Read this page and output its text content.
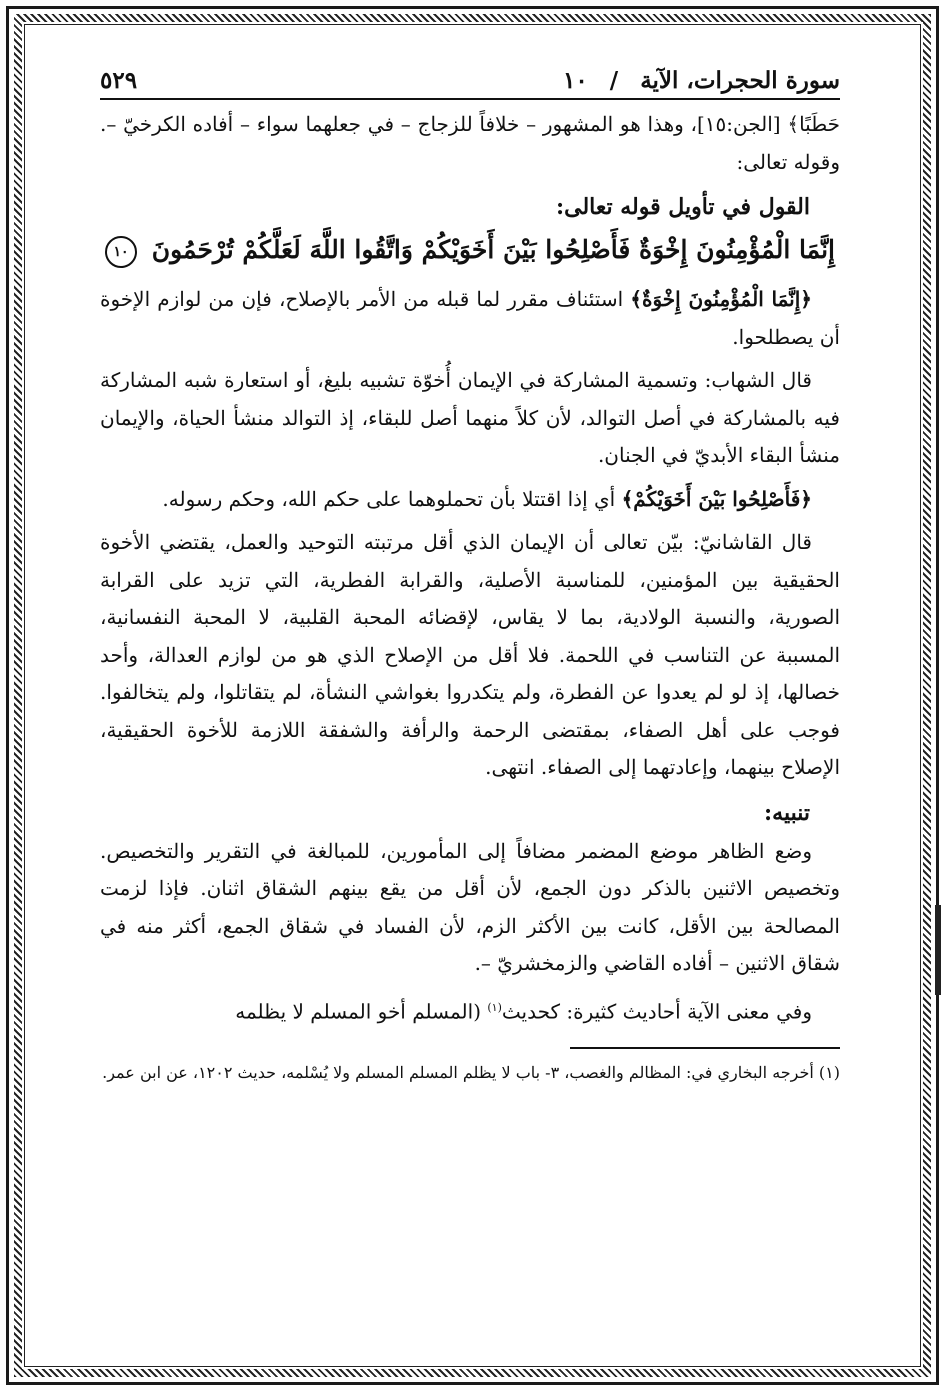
سورة الحجرات، الآية / ١٠
٥٢٩

حَطَبًا﴾ [الجن:١٥]، وهذا هو المشهور – خلافاً للزجاج – في جعلهما سواء – أفاده الكرخيّ –. وقوله تعالى:

القول في تأويل قوله تعالى:
إِنَّمَا الْمُؤْمِنُونَ إِخْوَةٌ فَأَصْلِحُوا بَيْنَ أَخَوَيْكُمْ وَاتَّقُوا اللَّهَ لَعَلَّكُمْ تُرْحَمُونَ ١٠

﴿إِنَّمَا الْمُؤْمِنُونَ إِخْوَةٌ﴾ استئناف مقرر لما قبله من الأمر بالإصلاح، فإن من لوازم الإخوة أن يصطلحوا.

قال الشهاب: وتسمية المشاركة في الإيمان أُخوّة تشبيه بليغ، أو استعارة شبه المشاركة فيه بالمشاركة في أصل التوالد، لأن كلاً منهما أصل للبقاء، إذ التوالد منشأ الحياة، والإيمان منشأ البقاء الأبديّ في الجنان.

﴿فَأَصْلِحُوا بَيْنَ أَخَوَيْكُمْ﴾ أي إذا اقتتلا بأن تحملوهما على حكم الله، وحكم رسوله.

قال القاشانيّ: بيّن تعالى أن الإيمان الذي أقل مرتبته التوحيد والعمل، يقتضي الأخوة الحقيقية بين المؤمنين، للمناسبة الأصلية، والقرابة الفطرية، التي تزيد على القرابة الصورية، والنسبة الولادية، بما لا يقاس، لإقضائه المحبة القلبية، لا المحبة النفسانية، المسببة عن التناسب في اللحمة. فلا أقل من الإصلاح الذي هو من لوازم العدالة، وأحد خصالها، إذ لو لم يعدوا عن الفطرة، ولم يتكدروا بغواشي النشأة، لم يتقاتلوا، ولم يتخالفوا. فوجب على أهل الصفاء، بمقتضى الرحمة والرأفة والشفقة اللازمة للأخوة الحقيقية، الإصلاح بينهما، وإعادتهما إلى الصفاء. انتهى.

تنبيه:

وضع الظاهر موضع المضمر مضافاً إلى المأمورين، للمبالغة في التقرير والتخصيص. وتخصيص الاثنين بالذكر دون الجمع، لأن أقل من يقع بينهم الشقاق اثنان. فإذا لزمت المصالحة بين الأقل، كانت بين الأكثر الزم، لأن الفساد في شقاق الجمع، أكثر منه في شقاق الاثنين – أفاده القاضي والزمخشريّ –.

وفي معنى الآية أحاديث كثيرة: كحديث$^{(١)}$ (المسلم أخو المسلم لا يظلمه

(١) أخرجه البخاري في: المظالم والغصب، ٣- باب لا يظلم المسلم المسلم ولا يُسْلمه، حديث ١٢٠٢، عن ابن عمر.
